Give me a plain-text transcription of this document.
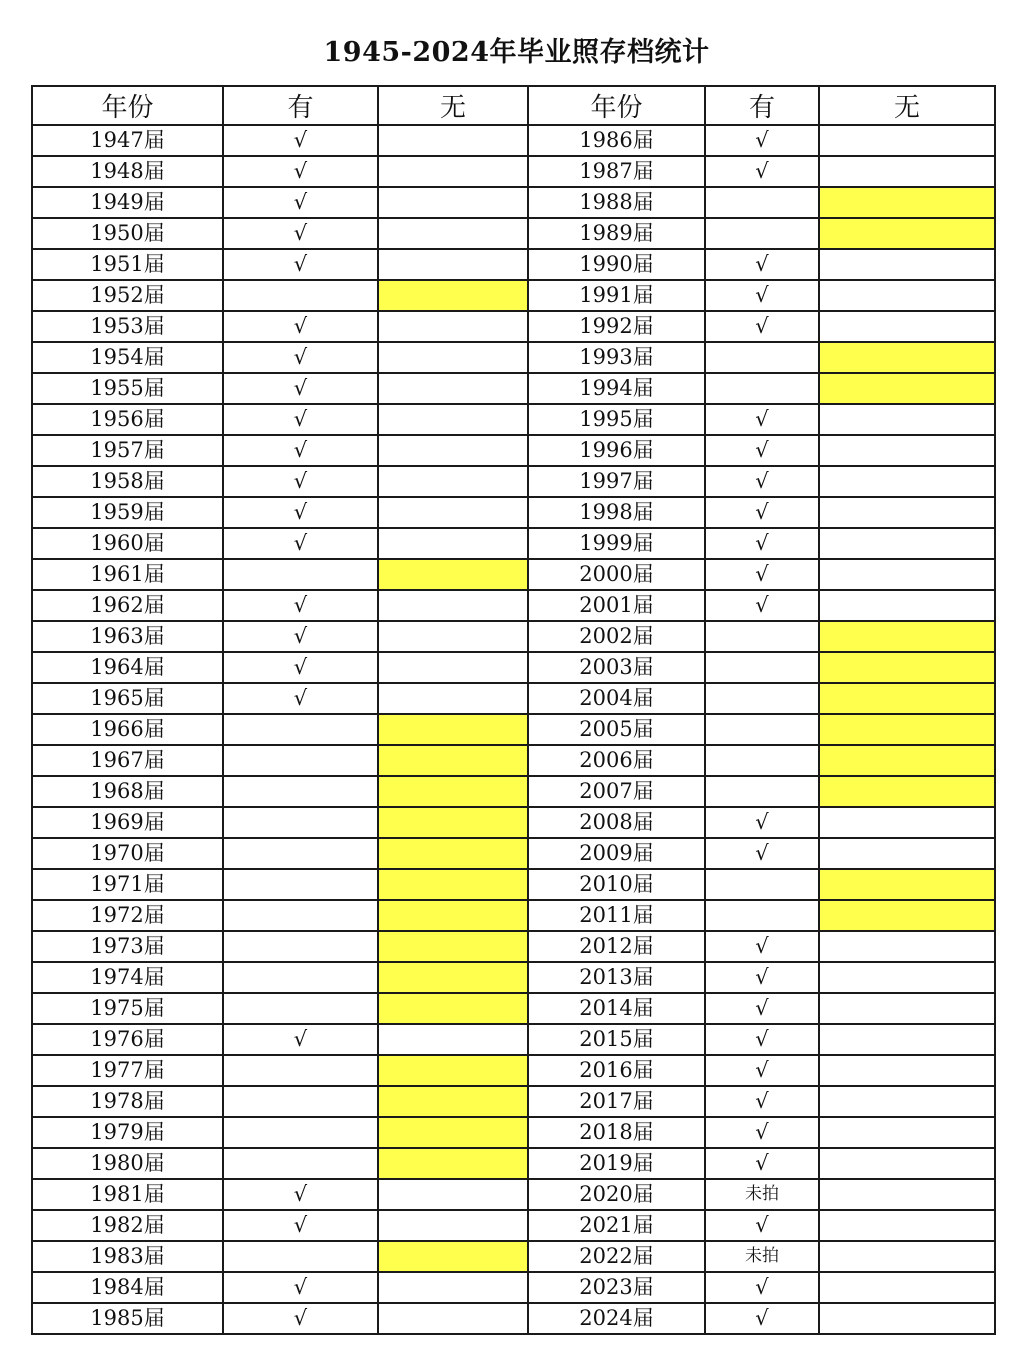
1945-2024年毕业照存档统计
年份	有	无	年份	有	无
1947届	√		1986届	√	
1948届	√		1987届	√	
1949届	√		1988届		
1950届	√		1989届		
1951届	√		1990届	√	
1952届			1991届	√	
1953届	√		1992届	√	
1954届	√		1993届		
1955届	√		1994届		
1956届	√		1995届	√	
1957届	√		1996届	√	
1958届	√		1997届	√	
1959届	√		1998届	√	
1960届	√		1999届	√	
1961届			2000届	√	
1962届	√		2001届	√	
1963届	√		2002届		
1964届	√		2003届		
1965届	√		2004届		
1966届			2005届		
1967届			2006届		
1968届			2007届		
1969届			2008届	√	
1970届			2009届	√	
1971届			2010届		
1972届			2011届		
1973届			2012届	√	
1974届			2013届	√	
1975届			2014届	√	
1976届	√		2015届	√	
1977届			2016届	√	
1978届			2017届	√	
1979届			2018届	√	
1980届			2019届	√	
1981届	√		2020届	未拍	
1982届	√		2021届	√	
1983届			2022届	未拍	
1984届	√		2023届	√	
1985届	√		2024届	√	
